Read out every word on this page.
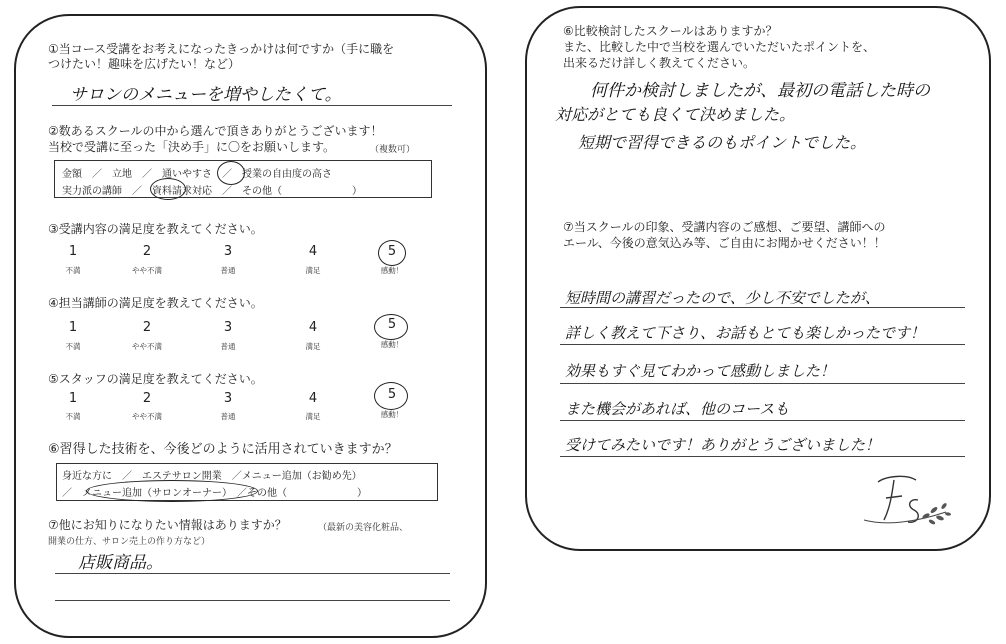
①当コース受講をお考えになったきっかけは何ですか（手に職を
つけたい！趣味を広げたい！など）
サロンのメニューを増やしたくて。
②数あるスクールの中から選んで頂きありがとうございます！
当校で受講に至った「決め手」に〇をお願いします。	（複数可）
金額　／　立地　／　通いやすさ　／　授業の自由度の高さ
実力派の講師　／　資料請求対応　／　その他（　　　　　　　）
③受講内容の満足度を教えてください。
1	2	3	4	5
不満	やや不満	普通	満足	感動！
④担当講師の満足度を教えてください。
1	2	3	4	5
不満	やや不満	普通	満足	感動！
⑤スタッフの満足度を教えてください。
1	2	3	4	5
不満	やや不満	普通	満足	感動！
⑥習得した技術を、今後どのように活用されていきますか？
身近な方に　／　エステサロン開業　／メニュー追加（お勧め先）
／　メニュー追加（サロンオーナー）　／その他（　　　　　　　）
⑦他にお知りになりたい情報はありますか？	（最新の美容化粧品、
開業の仕方、サロン売上の作り方など）
店販商品。
⑥比較検討したスクールはありますか？
また、比較した中で当校を選んでいただいたポイントを、
出来るだけ詳しく教えてください。
何件か検討しましたが、最初の電話した時の
対応がとても良くて決めました。
短期で習得できるのもポイントでした。
⑦当スクールの印象、受講内容のご感想、ご要望、講師への
エール、今後の意気込み等、ご自由にお聞かせください！！
短時間の講習だったので、少し不安でしたが、
詳しく教えて下さり、お話もとても楽しかったです！
効果もすぐ見てわかって感動しました！
また機会があれば、他のコースも
受けてみたいです！ありがとうございました！
